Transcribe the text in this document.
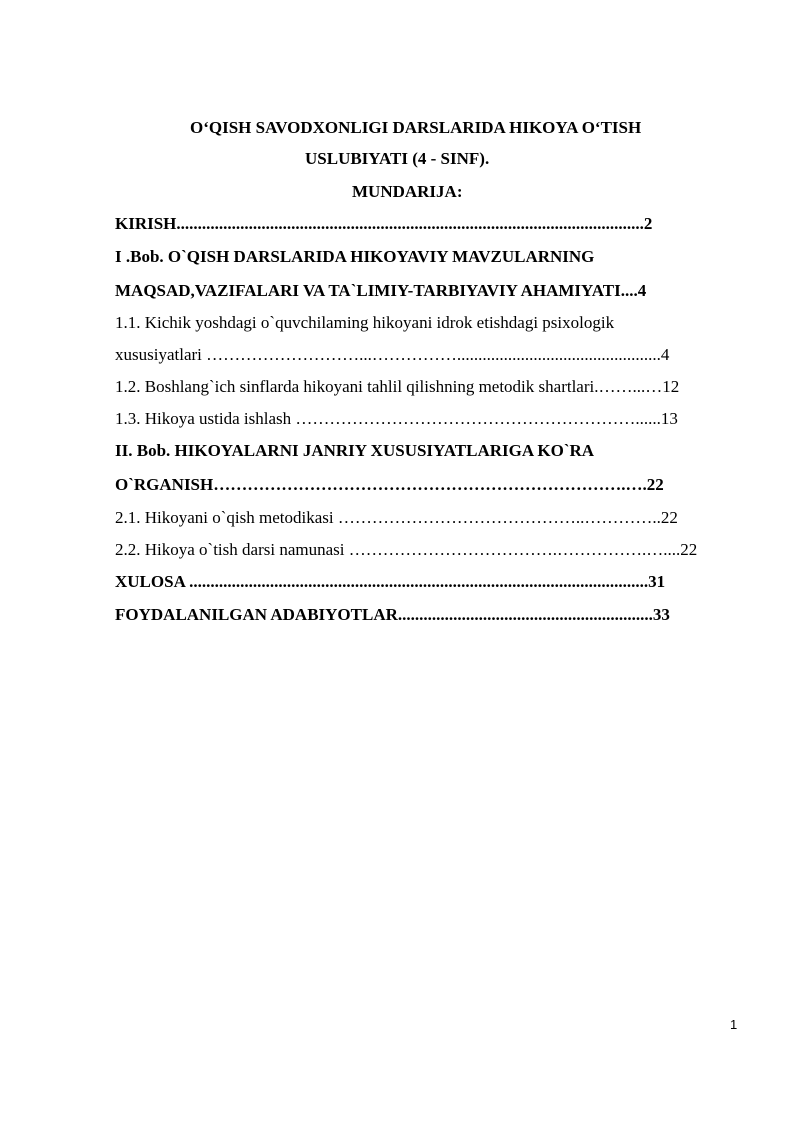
O‘QISH SAVODXONLIGI DARSLARIDA HIKOYA O‘TISH
USLUBIYATI (4 - SINF).
MUNDARIJA:
KIRISH..............................................................................................................2
I .Bob. O`QISH DARSLARIDA HIKOYAVIY MAVZULARNING
MAQSAD,VAZIFALARI VA TA`LIMIY-TARBIYAVIY AHAMIYATI....4
1.1. Kichik yoshdagi o`quvchilaming hikoyani idrok etishdagi psixologik
xususiyatlari ………………………...……………................................................4
1.2. Boshlang`ich sinflarda hikoyani tahlil qilishning metodik shartlari.……...…12
1.3. Hikoya ustida ishlash ……………………………………………………......13
II. Bob. HIKOYALARNI JANRIY XUSUSIYATLARIGA KO`RA
O`RGANISH……………………………………………………………….….22
2.1. Hikoyani o`qish metodikasi ……………………………………..…………..22
2.2. Hikoya o`tish darsi namunasi ……………………………….…………….…....22
XULOSA ............................................................................................................31
FOYDALANILGAN ADABIYOTLAR............................................................33
1
